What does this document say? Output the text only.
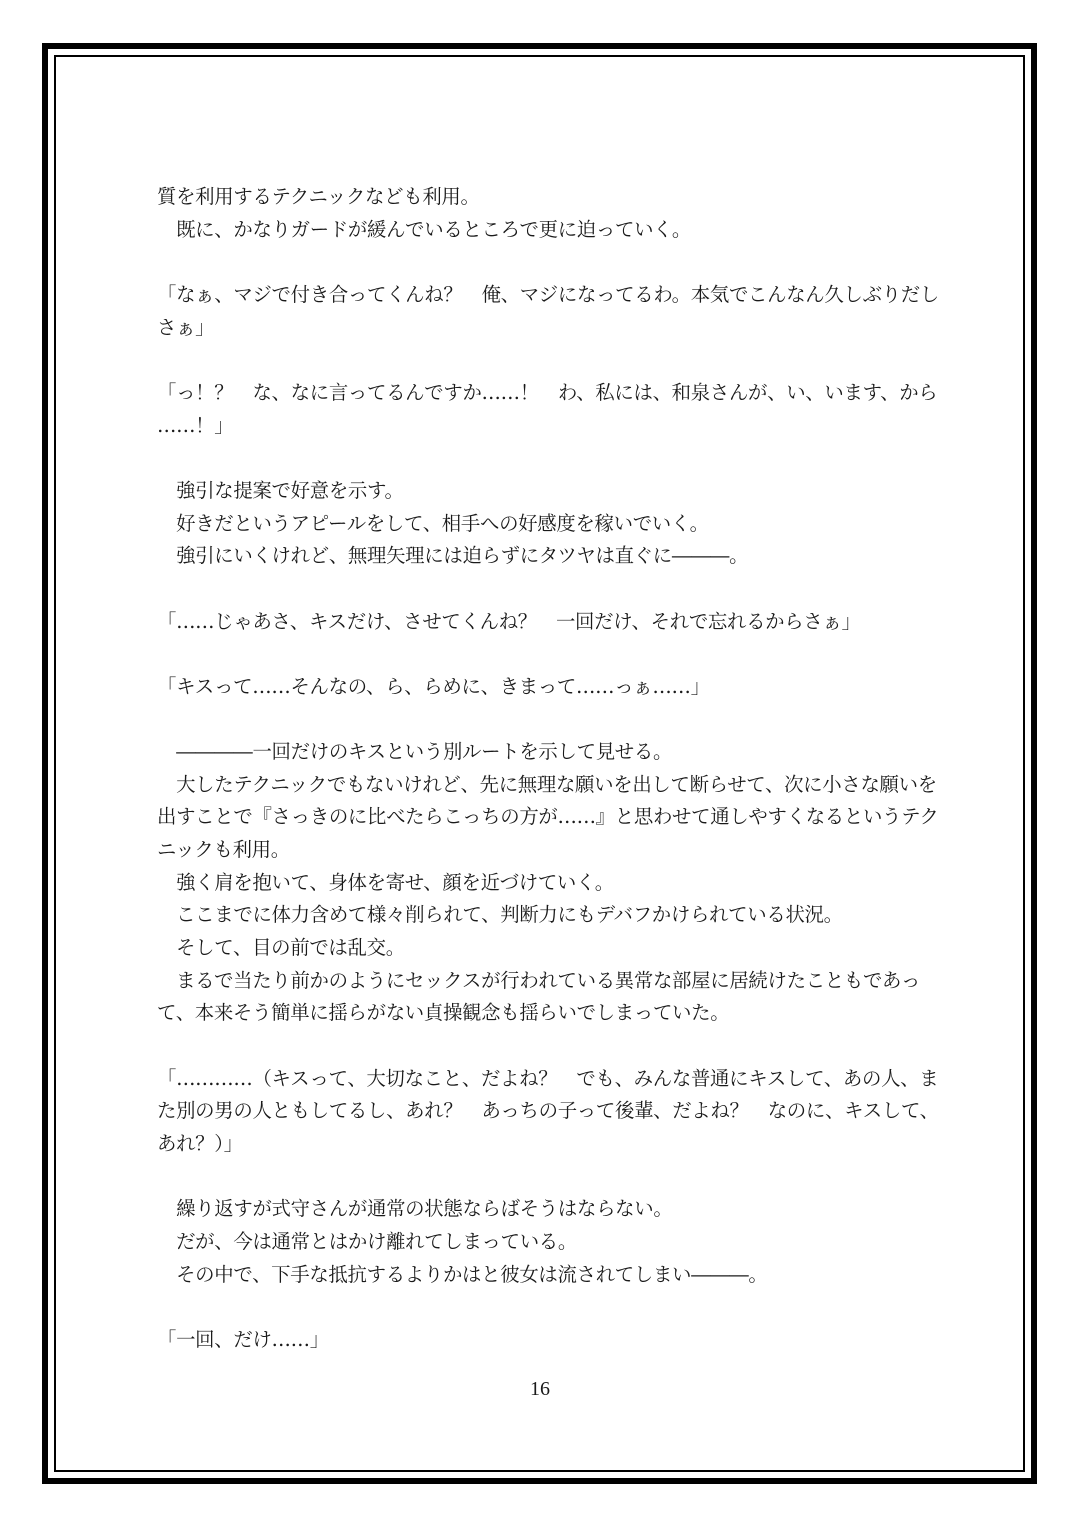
質を利用するテクニックなども利用。
　既に、かなりガードが緩んでいるところで更に迫っていく。
「なぁ、マジで付き合ってくんね？　俺、マジになってるわ。本気でこんなん久しぶりだし
さぁ」
「っ！？　な、なに言ってるんですか……！　わ、私には、和泉さんが、い、います、から
……！」
　強引な提案で好意を示す。
　好きだというアピールをして、相手への好感度を稼いでいく。
　強引にいくけれど、無理矢理には迫らずにタツヤは直ぐに―――。
「……じゃあさ、キスだけ、させてくんね？　一回だけ、それで忘れるからさぁ」
「キスって……そんなの、ら、らめに、きまって……っぁ……」
　――――一回だけのキスという別ルートを示して見せる。
　大したテクニックでもないけれど、先に無理な願いを出して断らせて、次に小さな願いを
出すことで『さっきのに比べたらこっちの方が……』と思わせて通しやすくなるというテク
ニックも利用。
　強く肩を抱いて、身体を寄せ、顔を近づけていく。
　ここまでに体力含めて様々削られて、判断力にもデバフかけられている状況。
　そして、目の前では乱交。
　まるで当たり前かのようにセックスが行われている異常な部屋に居続けたこともであっ
て、本来そう簡単に揺らがない貞操観念も揺らいでしまっていた。
「…………（キスって、大切なこと、だよね？　でも、みんな普通にキスして、あの人、ま
た別の男の人ともしてるし、あれ？　あっちの子って後輩、だよね？　なのに、キスして、
あれ？）」
　繰り返すが式守さんが通常の状態ならばそうはならない。
　だが、今は通常とはかけ離れてしまっている。
　その中で、下手な抵抗するよりかはと彼女は流されてしまい―――。
「一回、だけ……」
16
